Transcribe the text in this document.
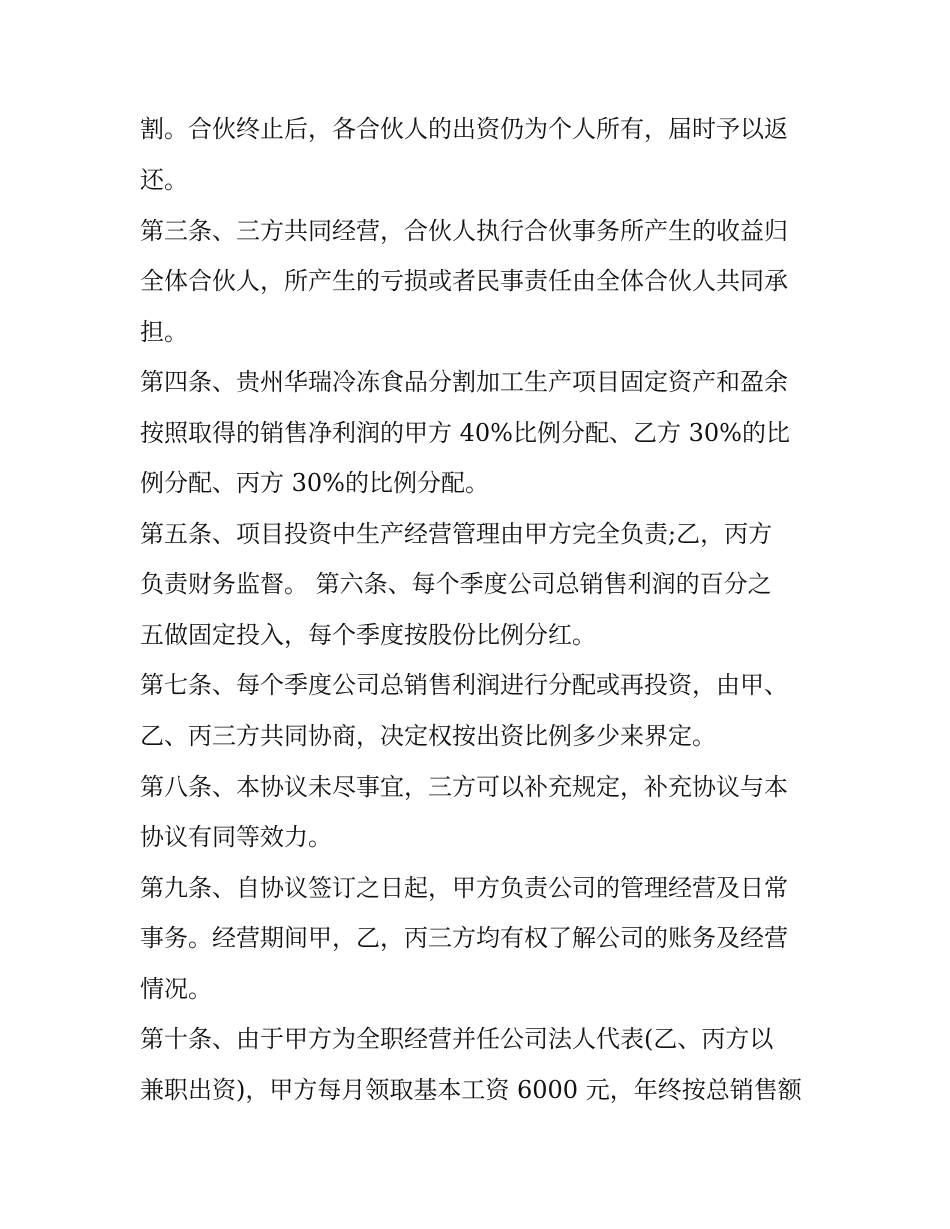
割。合伙终止后，各合伙人的出资仍为个人所有，届时予以返
还。
第三条、三方共同经营，合伙人执行合伙事务所产生的收益归
全体合伙人，所产生的亏损或者民事责任由全体合伙人共同承
担。
第四条、贵州华瑞冷冻食品分割加工生产项目固定资产和盈余
按照取得的销售净利润的甲方 40%比例分配、乙方 30%的比
例分配、丙方 30%的比例分配。
第五条、项目投资中生产经营管理由甲方完全负责;乙，丙方
负责财务监督。 第六条、每个季度公司总销售利润的百分之
五做固定投入，每个季度按股份比例分红。
第七条、每个季度公司总销售利润进行分配或再投资，由甲、
乙、丙三方共同协商，决定权按出资比例多少来界定。
第八条、本协议未尽事宜，三方可以补充规定，补充协议与本
协议有同等效力。
第九条、自协议签订之日起，甲方负责公司的管理经营及日常
事务。经营期间甲，乙，丙三方均有权了解公司的账务及经营
情况。
第十条、由于甲方为全职经营并任公司法人代表(乙、丙方以
兼职出资)，甲方每月领取基本工资 6000 元，年终按总销售额
